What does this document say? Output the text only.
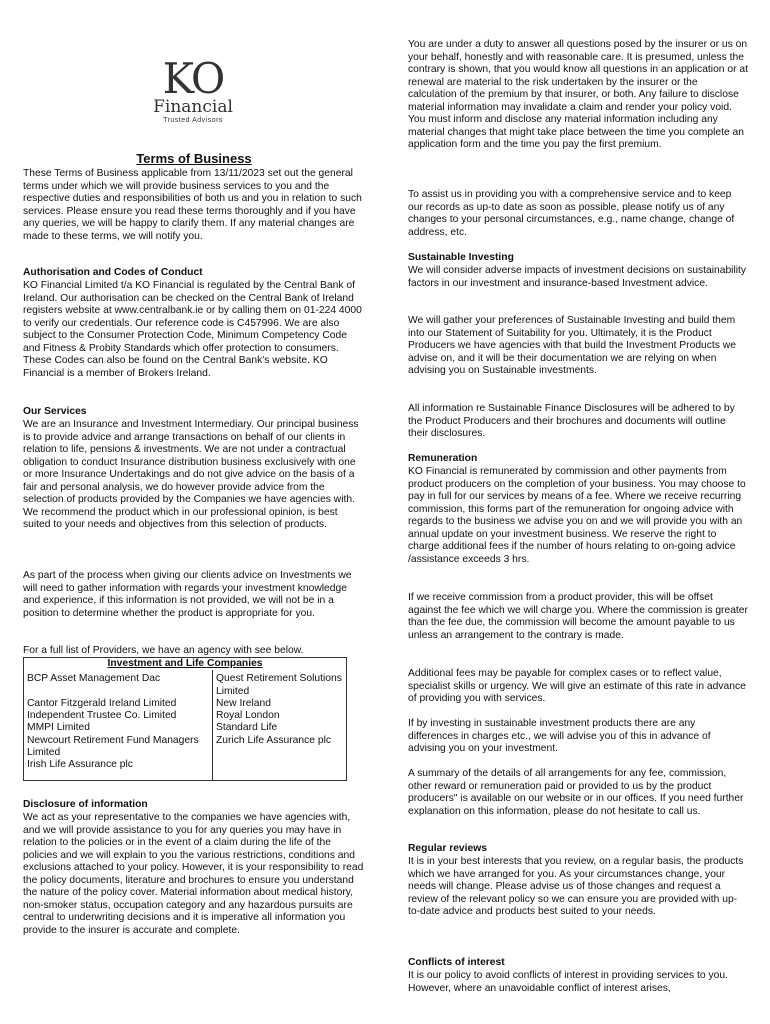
KO
Financial
Trusted Advisors
Terms of Business

These Terms of Business applicable from 13/11/2023 set out the general terms under which we will provide business services to you and the respective duties and responsibilities of both us and you in relation to such services. Please ensure you read these terms thoroughly and if you have any queries, we will be happy to clarify them. If any material changes are made to these terms, we will notify you.

Authorisation and Codes of Conduct

KO Financial Limited t/a KO Financial is regulated by the Central Bank of Ireland. Our authorisation can be checked on the Central Bank of Ireland registers website at www.centralbank.ie or by calling them on 01-224 4000 to verify our credentials. Our reference code is C457996. We are also subject to the Consumer Protection Code, Minimum Competency Code and Fitness & Probity Standards which offer protection to consumers. These Codes can also be found on the Central Bank's website. KO Financial is a member of Brokers Ireland.

Our Services

We are an Insurance and Investment Intermediary. Our principal business is to provide advice and arrange transactions on behalf of our clients in relation to life, pensions & investments. We are not under a contractual obligation to conduct Insurance distribution business exclusively with one or more Insurance Undertakings and do not give advice on the basis of a fair and personal analysis, we do however provide advice from the selection of products provided by the Companies we have agencies with. We recommend the product which in our professional opinion, is best suited to your needs and objectives from this selection of products.

As part of the process when giving our clients advice on Investments we will need to gather information with regards your investment knowledge and experience, if this information is not provided, we will not be in a position to determine whether the product is appropriate for you.

For a full list of Providers, we have an agency with see below.

Investment and Life Companies	
BCP Asset Management Dac	Quest Retirement Solutions Limited
Cantor Fitzgerald Ireland Limited	New Ireland
Independent Trustee Co. Limited	Royal London
MMPI Limited	Standard Life
Newcourt Retirement Fund Managers Limited	Zurich Life Assurance plc
Irish Life Assurance plc	
Disclosure of information

We act as your representative to the companies we have agencies with, and we will provide assistance to you for any queries you may have in relation to the policies or in the event of a claim during the life of the policies and we will explain to you the various restrictions, conditions and exclusions attached to your policy. However, it is your responsibility to read the policy documents, literature and brochures to ensure you understand the nature of the policy cover. Material information about medical history, non-smoker status, occupation category and any hazardous pursuits are central to underwriting decisions and it is imperative all information you provide to the insurer is accurate and complete.

You are under a duty to answer all questions posed by the insurer or us on your behalf, honestly and with reasonable care. It is presumed, unless the contrary is shown, that you would know all questions in an application or at renewal are material to the risk undertaken by the insurer or the calculation of the premium by that insurer, or both. Any failure to disclose material information may invalidate a claim and render your policy void. You must inform and disclose any material information including any material changes that might take place between the time you complete an application form and the time you pay the first premium.

To assist us in providing you with a comprehensive service and to keep our records as up-to date as soon as possible, please notify us of any changes to your personal circumstances, e.g., name change, change of address, etc.

Sustainable Investing

We will consider adverse impacts of investment decisions on sustainability factors in our investment and insurance-based Investment advice.

We will gather your preferences of Sustainable Investing and build them into our Statement of Suitability for you. Ultimately, it is the Product Producers we have agencies with that build the Investment Products we advise on, and it will be their documentation we are relying on when advising you on Sustainable investments.

All information re Sustainable Finance Disclosures will be adhered to by the Product Producers and their brochures and documents will outline their disclosures.

Remuneration

KO Financial is remunerated by commission and other payments from product producers on the completion of your business. You may choose to pay in full for our services by means of a fee. Where we receive recurring commission, this forms part of the remuneration for ongoing advice with regards to the business we advise you on and we will provide you with an annual update on your investment business. We reserve the right to charge additional fees if the number of hours relating to on-going advice /assistance exceeds 3 hrs.

If we receive commission from a product provider, this will be offset against the fee which we will charge you. Where the commission is greater than the fee due, the commission will become the amount payable to us unless an arrangement to the contrary is made.

Additional fees may be payable for complex cases or to reflect value, specialist skills or urgency. We will give an estimate of this rate in advance of providing you with services.

If by investing in sustainable investment products there are any differences in charges etc., we will advise you of this in advance of advising you on your investment.

A summary of the details of all arrangements for any fee, commission, other reward or remuneration paid or provided to us by the product producers" is available on our website or in our offices. If you need further explanation on this information, please do not hesitate to call us.

Regular reviews

It is in your best interests that you review, on a regular basis, the products which we have arranged for you. As your circumstances change, your needs will change. Please advise us of those changes and request a review of the relevant policy so we can ensure you are provided with up-to-date advice and products best suited to your needs.

Conflicts of interest

It is our policy to avoid conflicts of interest in providing services to you. However, where an unavoidable conflict of interest arises,
